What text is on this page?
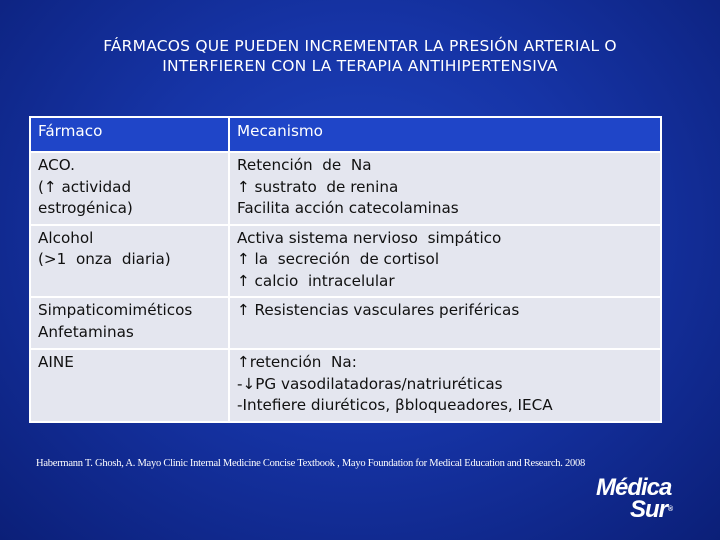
FÁRMACOS QUE PUEDEN INCREMENTAR LA PRESIÓN ARTERIAL O
INTERFIEREN CON LA TERAPIA ANTIHIPERTENSIVA
Fármaco	Mecanismo

ACO.
(↑ actividad
estrogénica)	Retención  de  Na
↑ sustrato  de renina
Facilita acción catecolaminas

Alcohol
(>1  onza  diaria)	Activa sistema nervioso  simpático
↑ la  secreción  de cortisol
↑ calcio  intracelular

Simpaticomiméticos
Anfetaminas	↑ Resistencias vasculares periféricas

AINE	↑retención  Na:
-↓PG vasodilatadoras/natriuréticas
-Intefiere diuréticos, βbloqueadores, IECA
Habermann T. Ghosh, A. Mayo Clinic Internal Medicine Concise Textbook , Mayo Foundation for Medical Education and Research. 2008
Médica
Sur®
